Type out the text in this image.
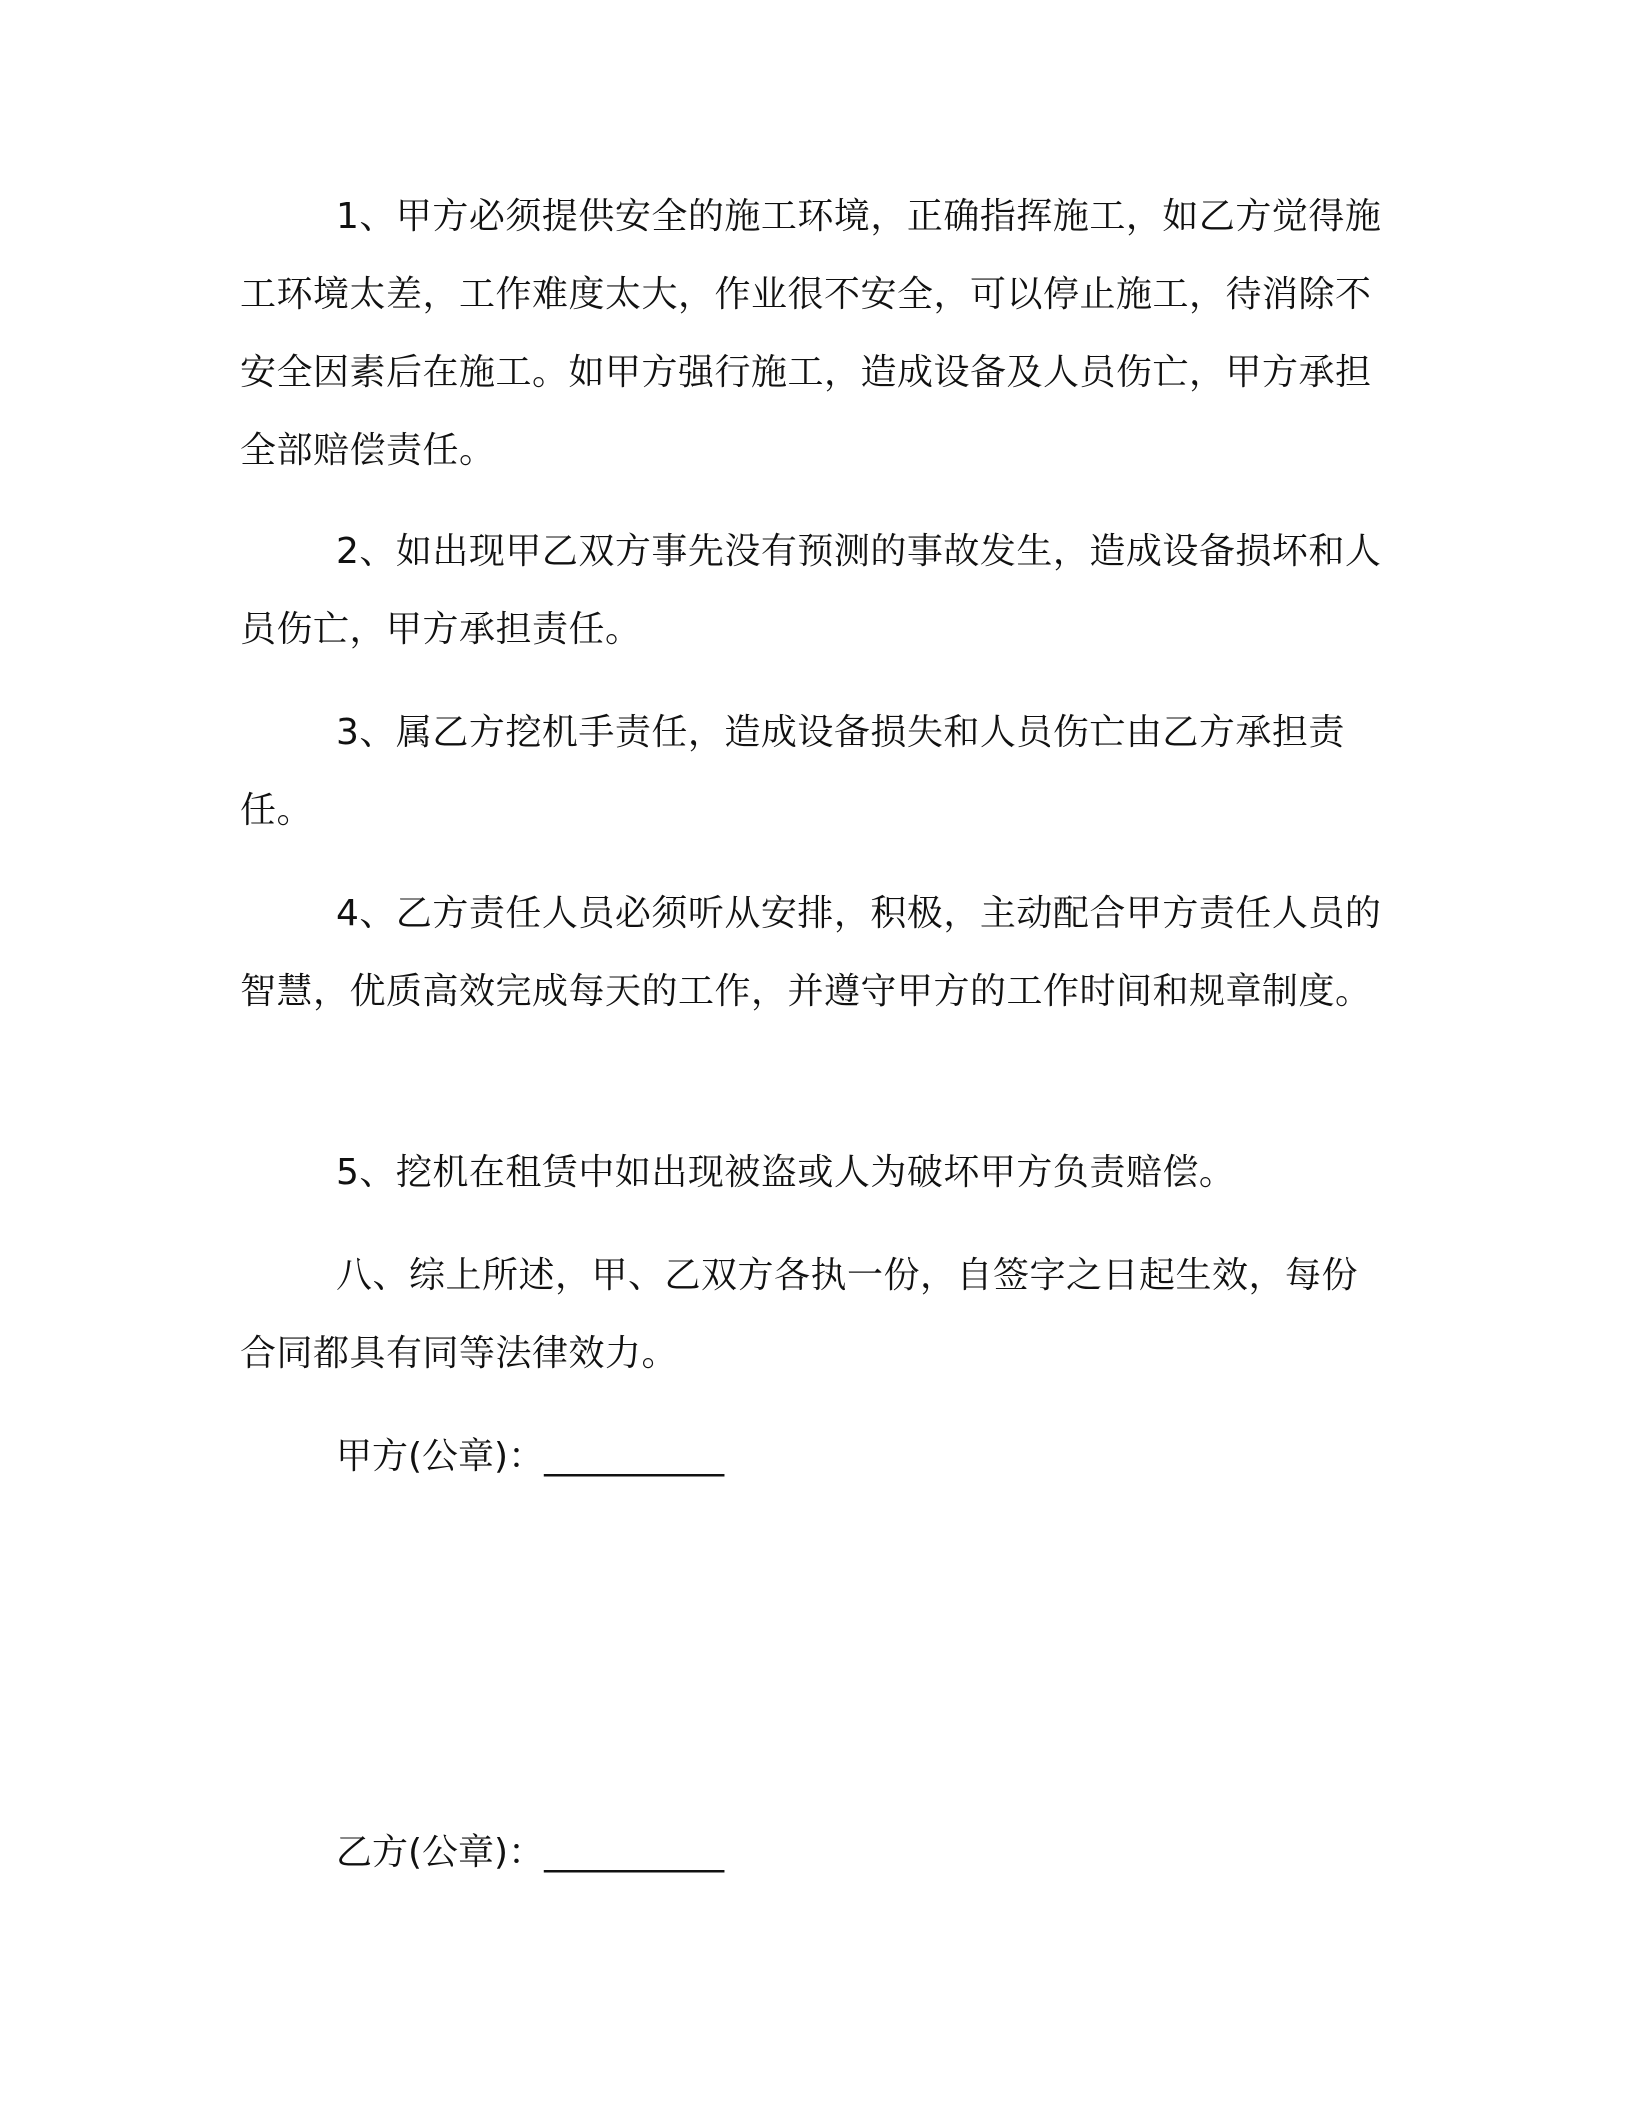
1、甲方必须提供安全的施工环境，正确指挥施工，如乙方觉得施工环境太差，工作难度太大，作业很不安全，可以停止施工，待消除不安全因素后在施工。如甲方强行施工，造成设备及人员伤亡，甲方承担全部赔偿责任。

2、如出现甲乙双方事先没有预测的事故发生，造成设备损坏和人员伤亡，甲方承担责任。

3、属乙方挖机手责任，造成设备损失和人员伤亡由乙方承担责任。

4、乙方责任人员必须听从安排，积极，主动配合甲方责任人员的智慧，优质高效完成每天的工作，并遵守甲方的工作时间和规章制度。

5、挖机在租赁中如出现被盗或人为破坏甲方负责赔偿。

八、综上所述，甲、乙双方各执一份，自签字之日起生效，每份合同都具有同等法律效力。

甲方(公章)：__________

乙方(公章)：__________
